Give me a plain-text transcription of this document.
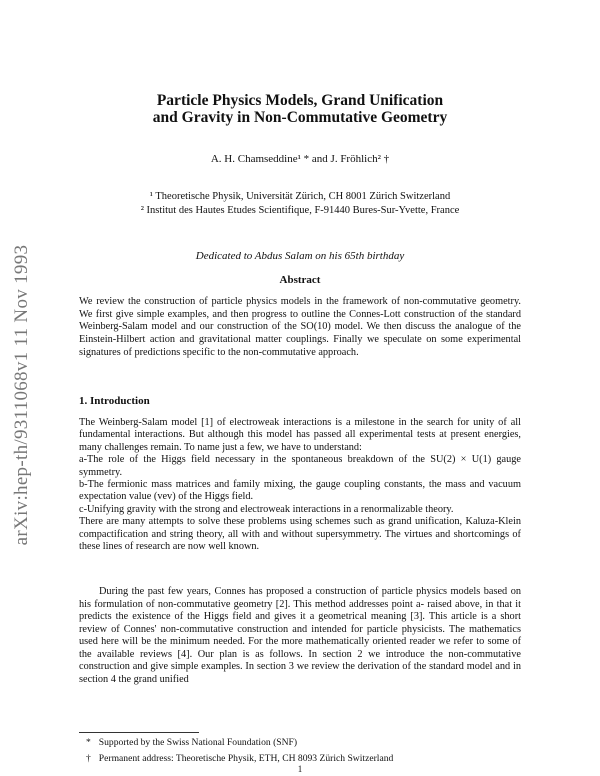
arXiv:hep-th/9311068v1 11 Nov 1993
Particle Physics Models, Grand Unification
and Gravity in Non-Commutative Geometry
A. H. Chamseddine¹ * and J. Fröhlich² †
¹ Theoretische Physik, Universität Zürich, CH 8001 Zürich Switzerland
² Institut des Hautes Etudes Scientifique, F-91440 Bures-Sur-Yvette, France
Dedicated to Abdus Salam on his 65th birthday
Abstract
We review the construction of particle physics models in the framework of non-commutative geometry. We first give simple examples, and then progress to outline the Connes-Lott construction of the standard Weinberg-Salam model and our construction of the SO(10) model. We then discuss the analogue of the Einstein-Hilbert action and gravitational matter couplings. Finally we speculate on some experimental signatures of predictions specific to the non-commutative approach.
1. Introduction

The Weinberg-Salam model [1] of electroweak interactions is a milestone in the search for unity of all fundamental interactions. But although this model has passed all experimental tests at present energies, many challenges remain. To name just a few, we have to understand:

a-The role of the Higgs field necessary in the spontaneous breakdown of the SU(2) × U(1) gauge symmetry.

b-The fermionic mass matrices and family mixing, the gauge coupling constants, the mass and vacuum expectation value (vev) of the Higgs field.

c-Unifying gravity with the strong and electroweak interactions in a renormalizable theory.

There are many attempts to solve these problems using schemes such as grand unification, Kaluza-Klein compactification and string theory, all with and without supersymmetry. The virtues and shortcomings of these lines of research are now well known.

During the past few years, Connes has proposed a construction of particle physics models based on his formulation of non-commutative geometry [2]. This method addresses point a- raised above, in that it predicts the existence of the Higgs field and gives it a geometrical meaning [3]. This article is a short review of Connes' non-commutative construction and intended for particle physicists. The mathematics used here will be the minimum needed. For the more mathematically oriented reader we refer to some of the available reviews [4]. Our plan is as follows. In section 2 we introduce the non-commutative construction and give simple examples. In section 3 we review the derivation of the standard model and in section 4 the grand unified
* Supported by the Swiss National Foundation (SNF)
† Permanent address: Theoretische Physik, ETH, CH 8093 Zürich Switzerland
1
